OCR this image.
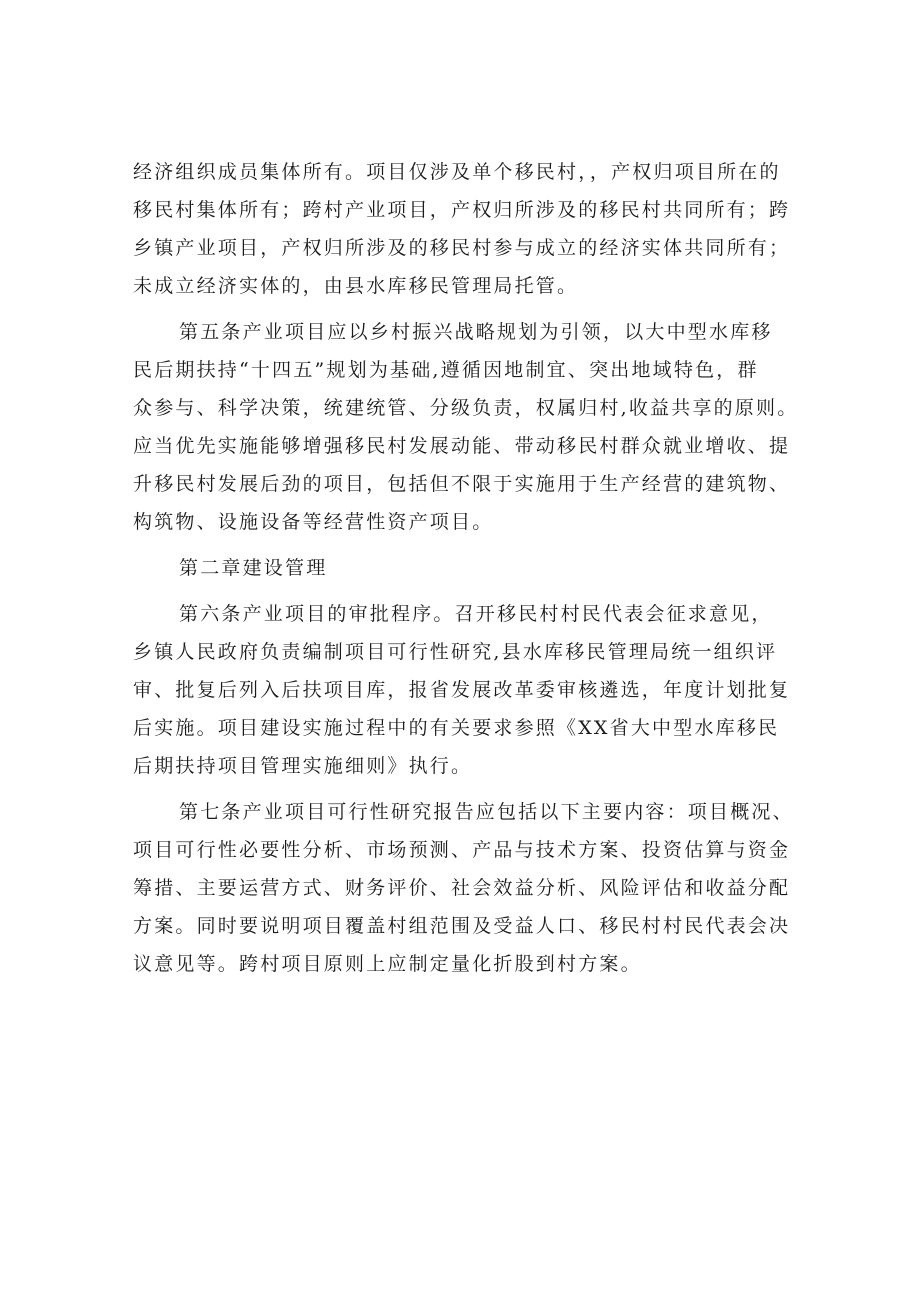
经济组织成员集体所有。项目仅涉及单个移民村，，产权归项目所在的
移民村集体所有；跨村产业项目，产权归所涉及的移民村共同所有；跨
乡镇产业项目，产权归所涉及的移民村参与成立的经济实体共同所有；
未成立经济实体的，由县水库移民管理局托管。
第五条产业项目应以乡村振兴战略规划为引领，以大中型水库移
民后期扶持“十四五”规划为基础,遵循因地制宜、突出地域特色，群
众参与、科学决策，统建统管、分级负责，权属归村,收益共享的原则。
应当优先实施能够增强移民村发展动能、带动移民村群众就业增收、提
升移民村发展后劲的项目，包括但不限于实施用于生产经营的建筑物、
构筑物、设施设备等经营性资产项目。
第二章建设管理
第六条产业项目的审批程序。召开移民村村民代表会征求意见，
乡镇人民政府负责编制项目可行性研究,县水库移民管理局统一组织评
审、批复后列入后扶项目库，报省发展改革委审核遴选，年度计划批复
后实施。项目建设实施过程中的有关要求参照《XX省大中型水库移民
后期扶持项目管理实施细则》执行。
第七条产业项目可行性研究报告应包括以下主要内容：项目概况、
项目可行性必要性分析、市场预测、产品与技术方案、投资估算与资金
筹措、主要运营方式、财务评价、社会效益分析、风险评估和收益分配
方案。同时要说明项目覆盖村组范围及受益人口、移民村村民代表会决
议意见等。跨村项目原则上应制定量化折股到村方案。
